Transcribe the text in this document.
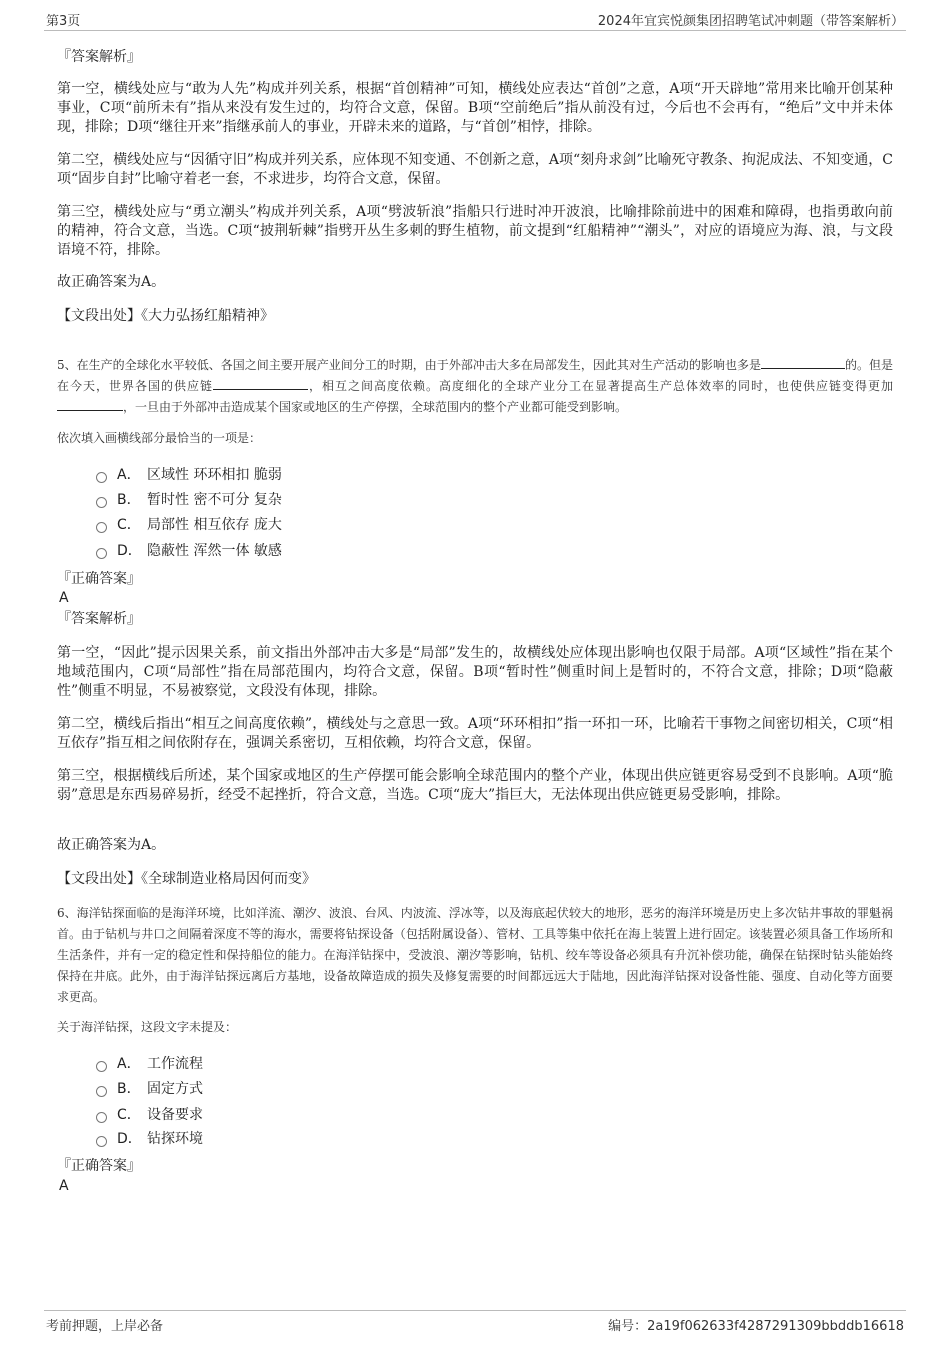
第3页	2024年宜宾悦颜集团招聘笔试冲刺题（带答案解析）
『答案解析』

第一空，横线处应与“敢为人先”构成并列关系，根据“首创精神”可知，横线处应表达“首创”之意，A项“开天辟地”常用来比喻开创某种事业，C项“前所未有”指从来没有发生过的，均符合文意，保留。B项“空前绝后”指从前没有过，今后也不会再有，“绝后”文中并未体现，排除；D项“继往开来”指继承前人的事业，开辟未来的道路，与“首创”相悖，排除。

第二空，横线处应与“因循守旧”构成并列关系，应体现不知变通、不创新之意，A项“刻舟求剑”比喻死守教条、拘泥成法、不知变通，C项“固步自封”比喻守着老一套，不求进步，均符合文意，保留。

第三空，横线处应与“勇立潮头”构成并列关系，A项“劈波斩浪”指船只行进时冲开波浪，比喻排除前进中的困难和障碍，也指勇敢向前的精神，符合文意，当选。C项“披荆斩棘”指劈开丛生多刺的野生植物，前文提到“红船精神”“潮头”，对应的语境应为海、浪，与文段语境不符，排除。

故正确答案为A。

【文段出处】《大力弘扬红船精神》

5、在生产的全球化水平较低、各国之间主要开展产业间分工的时期，由于外部冲击大多在局部发生，因此其对生产活动的影响也多是	的。但是在今天，世界各国的供应链	，相互之间高度依赖。高度细化的全球产业分工在显著提高生产总体效率的同时，也使供应链变得更加，一旦由于外部冲击造成某个国家或地区的生产停摆，全球范围内的整个产业都可能受到影响。

依次填入画横线部分最恰当的一项是：

A． 区域性 环环相扣 脆弱
B． 暂时性 密不可分 复杂
C． 局部性 相互依存 庞大
D． 隐蔽性 浑然一体 敏感
『正确答案』
A
『答案解析』

第一空，“因此”提示因果关系，前文指出外部冲击大多是“局部”发生的，故横线处应体现出影响也仅限于局部。A项“区域性”指在某个地域范围内，C项“局部性”指在局部范围内，均符合文意，保留。B项“暂时性”侧重时间上是暂时的，不符合文意，排除；D项“隐蔽性”侧重不明显，不易被察觉，文段没有体现，排除。

第二空，横线后指出“相互之间高度依赖”，横线处与之意思一致。A项“环环相扣”指一环扣一环，比喻若干事物之间密切相关，C项“相互依存”指互相之间依附存在，强调关系密切，互相依赖，均符合文意，保留。

第三空，根据横线后所述，某个国家或地区的生产停摆可能会影响全球范围内的整个产业，体现出供应链更容易受到不良影响。A项“脆弱”意思是东西易碎易折，经受不起挫折，符合文意，当选。C项“庞大”指巨大，无法体现出供应链更易受影响，排除。

故正确答案为A。

【文段出处】《全球制造业格局因何而变》

6、海洋钻探面临的是海洋环境，比如洋流、潮汐、波浪、台风、内波流、浮冰等，以及海底起伏较大的地形，恶劣的海洋环境是历史上多次钻井事故的罪魁祸首。由于钻机与井口之间隔着深度不等的海水，需要将钻探设备（包括附属设备）、管材、工具等集中依托在海上装置上进行固定。该装置必须具备工作场所和生活条件，并有一定的稳定性和保持船位的能力。在海洋钻探中，受波浪、潮汐等影响，钻机、绞车等设备必须具有升沉补偿功能，确保在钻探时钻头能始终保持在井底。此外，由于海洋钻探远离后方基地，设备故障造成的损失及修复需要的时间都远远大于陆地，因此海洋钻探对设备性能、强度、自动化等方面要求更高。

关于海洋钻探，这段文字未提及：

A． 工作流程
B． 固定方式
C． 设备要求
D． 钻探环境
『正确答案』
A
考前押题，上岸必备	编号：2a19f062633f4287291309bbddb16618
